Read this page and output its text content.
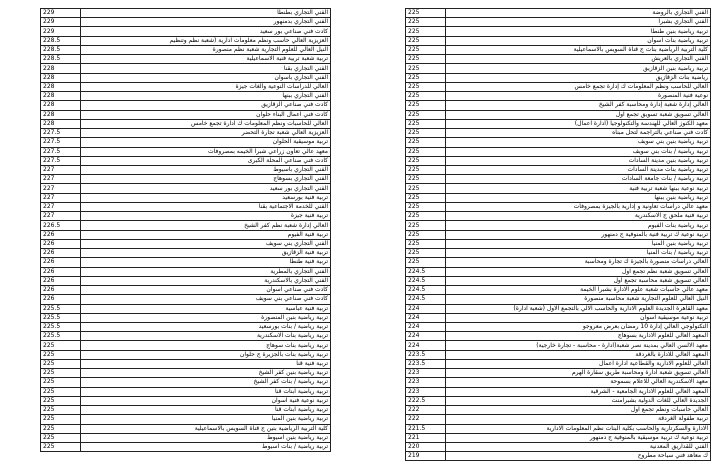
229	الفني التجاري بطنطا
229	الفني التجاري بدمنهور
229	كادت فني صناعي بور سعيد
228.5	العزيزية العالي حاسب ونظم معلومات ادارية (شعبة نظم وتنظيم
228.5	النيل العالي للعلوم التجارية شعبة نظم منصورة
228.5	تربية شعبة تربية فنية الاسماعيلية
228	الفني التجاري بقنا
228	الفني التجاري باسوان
228	العالي للدراسات النوعية والغات جيزة
228	الفني التجاري ببنها
228	كادت فني صناعي الزقازيق
228	كادت فني اعمال البناء حلوان
228	العالي للحاسبات ونظم المعلومات ك ادارة تجمع خامس
227.5	العزيزية العالي شعبة تجارة التحضر
227.5	تربية موسيقية الحلوان
227.5	معهد عالي تعاون زراعي شبرا الخيمه بمصروفات
227.5	كادت فني صناعي المحلة الكبرى
227	الفني التجاري باسيوط
227	الفني التجاري بسوهاج
227	الفني التجاري بور سعيد
227	تربية فنية بورسعيد
227	الفني للخدمة الاجتماعية بقنا
227	تربية فنية جيزة
226.5	العالي إدارة شعبة نظم كفر الشيخ
226	تربية فنية الفيوم
226	الفني التجاري بني سويف
226	تربية فنية الزقازيق
226	تربية فنية طنطا
226	الفني التجاري بالمطرية
226	الفني التجاري بالاسكندرية
226	كادت فني صناعي اسوان
226	كادت فني صناعي بني سويف
225.5	تربية فنية عباسية
225.5	تربية رياضية بنين المنصورة
225.5	تربية رياضية / بنات بورسعيد
225.5	تربية رياضية بنات الاسكندرية
225	تربية رياضية بنات سوهاج
225	تربية رياضية بنات بالجزيرة ج حلوان
225	تربية فنية قنا
225	تربية رياضية بنين كفر الشيخ
225	تربية رياضية / بنات كفر الشيخ
225	تربية رياضية ابنات قنا
225	تربية نوعية فنية اسوان
225	تربية رياضية ابنات قنا
225	تربية رياضية بنين المنيا
225	كلية التربية الرياضية بنين ج قناة السويس بالاسماعيلية
225	تربية رياضية بنين اسيوط
225	تربية رياضية / بنات اسيوط
225	الفني التجاري بالروضة
225	الفني التجاري بشبرا
225	تربية رياضية بنين طنطا
225	تربية رياضية بنات اسوان
225	كلية التربية الرياضية بنات ج قناة السويس بالاسماعيلية
225	الفني التجاري بالعريش
225	تربية رياضية بنين الزقازيق
225	رياضية بنات الزقازيق
225	العالي للحاسب ونظم المعلومات ك إدارة تجمع خامس
225	نوعية فنية المنصورة
225	العالي إدارة شعبة إدارة ومحاسبة كفر الشيخ
225	العالي تسويق شعبة تسويق تجمع اول
225	معهد الكنوز العالي للهندسة والتكنولوجيا (ادارة اعمال)
225	كادت فني صناعي بالتراجمة لتحل مبناه
225	تربية رياضية بنين بني سويف
225	تربية رياضية / بنات بني سويف
225	تربية رياضية بنين مدينة السادات
225	تربية رياضية بنات مدينة السادات
225	تربية رياضية / بنات جامعة السادات
225	تربية نوعية ببنها شعبة تربية فنية
225	تربية رياضية بنين ببنها
225	معهد عالي دراسات تعاونية و إدارية بالجيزة بمصروفات
225	تربية فنية ملحق ج الاسكندرية
225	تربية رياضية بنات الفيوم
225	تربية نوعية ك تربية فنية بالمنوفية ج دمنهور
225	تربية رياضية بنين المنيا
225	تربية رياضية / بنات المنيا
225	العالي دراسات منصورة بالجيزة ك تجارة ومحاسبة
224.5	العالي تسويق شعبة نظم تجمع اول
224.5	العالي تسويق شعبة محاسبة تجمع اول
224.5	معهد عالي حاسبات شعبة علوم الادارة بشبرا الخيمة
224.5	النيل العالي للعلوم التجارية شعبة محاسبة منصورة
224	معهد القاهرة الجديدة العلوم الادارية والحاسب الالي بالتجمع الاول (شعبة ادارة)
224	تربية نوعية موسيقية اسوان
224	التكنولوجي العالي إدارة 10 رمضان بعرض معروجو
224	المعهد العالي للعلوم الادارية بسوهاج
224	معهد الالسن العالي بمدينة نصر شعبة(ادارة - محاسبة - تجارة خارجية)
223.5	المعهد العالي للادارة بالغردقة
223.5	العالي للعلوم الادارية والقطاعية ادارة اعمال
223	العالي تسويق شعبة ادارة ومحاسبة طريق سقارة الهرم
223	معهد الاسكندرية العالي للاعلام بسموحة
223	المعهد العالي للعلوم الادارية الجامعية - الشرقية
222.5	الجديدة العالي للغات الدولية بشبرامنت
222	العالي حاسبات ونظم تجمع اول
222	تربية طفولة الغردقة
221.5	الادارة والسكرتارية والحاسب بكلية البنات نظم المعلومات الادارية
221	تربية نوعية ك تربية موسيقية بالمنوفية ج دمنهور
220	الفني للقداريق المعدنية
219	ك معاهد فني سياحة مطروح
